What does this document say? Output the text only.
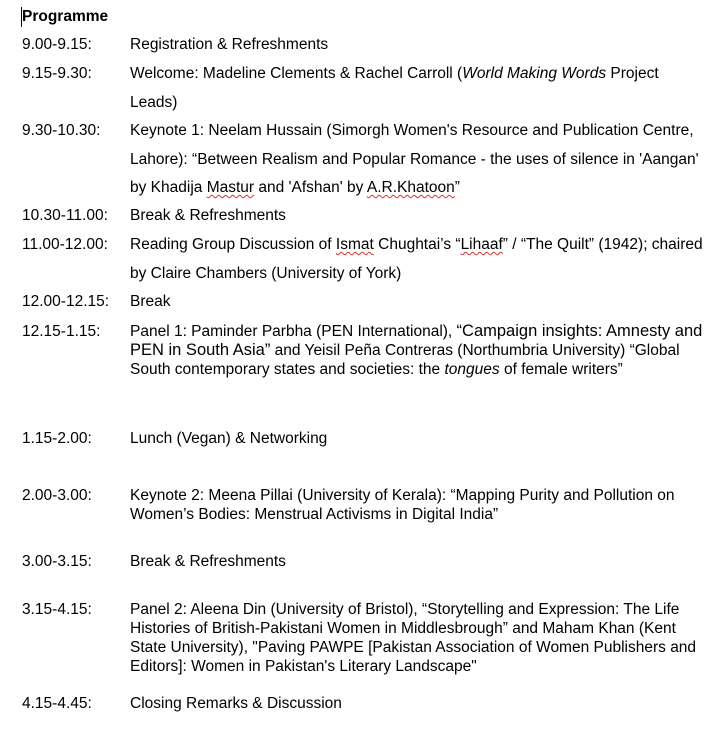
Programme
9.00-9.15: Registration & Refreshments
9.15-9.30: Welcome: Madeline Clements & Rachel Carroll (World Making Words Project Leads)
9.30-10.30: Keynote 1: Neelam Hussain (Simorgh Women's Resource and Publication Centre, Lahore): “Between Realism and Popular Romance - the uses of silence in 'Aangan' by Khadija Mastur and 'Afshan' by A.R.Khatoon”
10.30-11.00: Break & Refreshments
11.00-12.00: Reading Group Discussion of Ismat Chughtai’s “Lihaaf” / “The Quilt” (1942); chaired by Claire Chambers (University of York)
12.00-12.15: Break
12.15-1.15: Panel 1: Paminder Parbha (PEN International), “Campaign insights: Amnesty and PEN in South Asia” and Yeisil Peña Contreras (Northumbria University) “Global South contemporary states and societies: the tongues of female writers”
1.15-2.00: Lunch (Vegan) & Networking
2.00-3.00: Keynote 2: Meena Pillai (University of Kerala): “Mapping Purity and Pollution on Women’s Bodies: Menstrual Activisms in Digital India”
3.00-3.15: Break & Refreshments
3.15-4.15: Panel 2: Aleena Din (University of Bristol), “Storytelling and Expression: The Life Histories of British-Pakistani Women in Middlesbrough” and Maham Khan (Kent State University), "Paving PAWPE [Pakistan Association of Women Publishers and Editors]: Women in Pakistan's Literary Landscape"
4.15-4.45: Closing Remarks & Discussion
